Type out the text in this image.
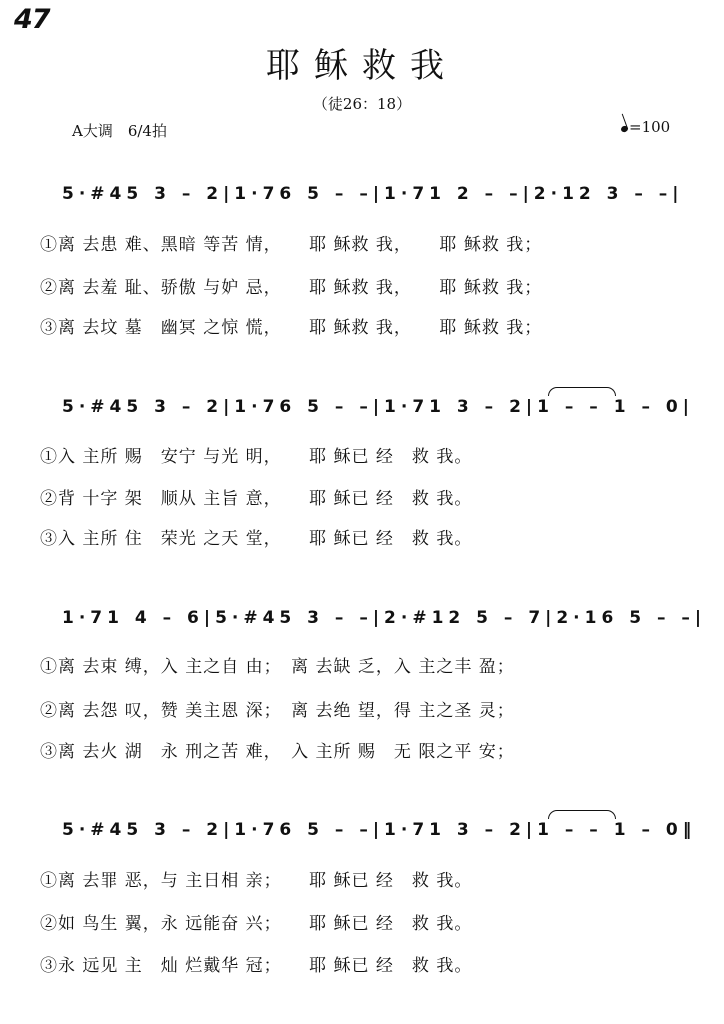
47
耶稣救我
（徒26：18）
A大调　6/4拍	=100
5·#45 3 – 2|1·76 5 – –|1·71 2 – –|2·12 3 – –|
①离 去患 难、黑暗 等苦 情，　　耶 稣救 我，　　耶 稣救 我；
②离 去羞 耻、骄傲 与妒 忌，　　耶 稣救 我，　　耶 稣救 我；
③离 去坟 墓　幽冥 之惊 慌，　　耶 稣救 我，　　耶 稣救 我；
5·#45 3 – 2|1·76 5 – –|1·71 3 – 2|1 – – 1 – 0|
①入 主所 赐　安宁 与光 明，　　耶 稣已 经　救 我。
②背 十字 架　顺从 主旨 意，　　耶 稣已 经　救 我。
③入 主所 住　荣光 之天 堂，　　耶 稣已 经　救 我。
1·71 4 – 6|5·#45 3 – –|2·#12 5 – 7|2·16 5 – –|
①离 去束 缚，入 主之自 由；　离 去缺 乏，入 主之丰 盈；
②离 去怨 叹，赞 美主恩 深；　离 去绝 望，得 主之圣 灵；
③离 去火 湖　永 刑之苦 难，　入 主所 赐　无 限之平 安；
5·#45 3 – 2|1·76 5 – –|1·71 3 – 2|1 – – 1 – 0‖
①离 去罪 恶，与 主日相 亲；　　耶 稣已 经　救 我。
②如 鸟生 翼，永 远能奋 兴；　　耶 稣已 经　救 我。
③永 远见 主　灿 烂戴华 冠；　　耶 稣已 经　救 我。
